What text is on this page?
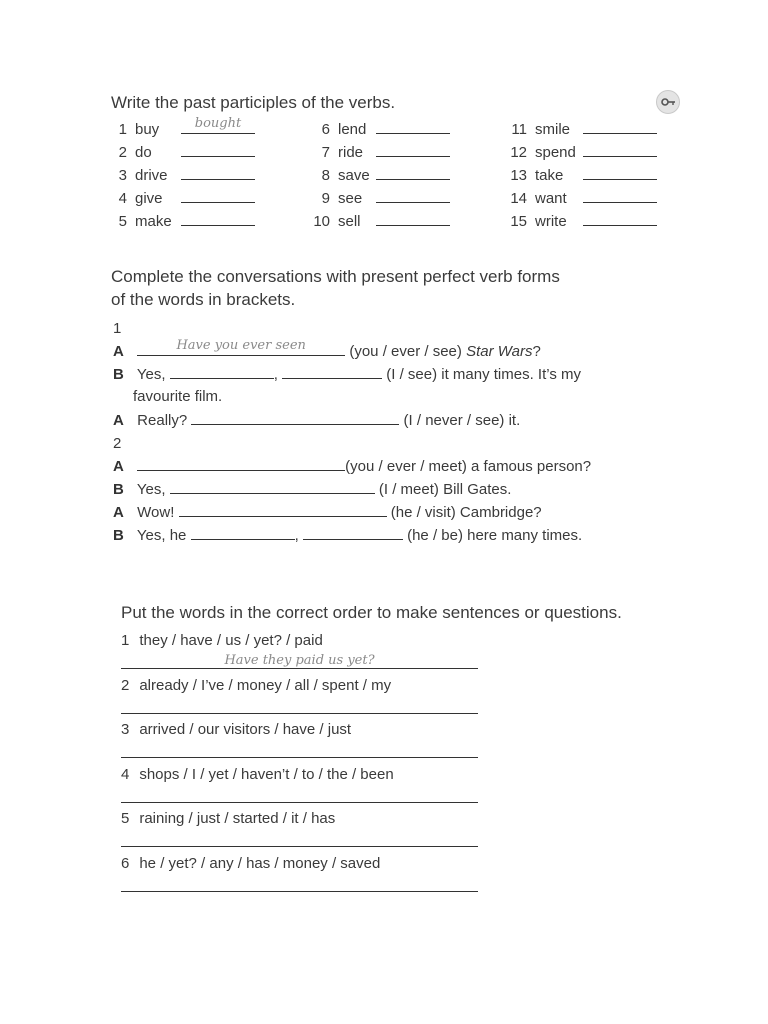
Write the past participles of the verbs.
1 buy	bought
2 do
3 drive
4 give
5 make
6 lend
7 ride
8 save
9 see
10 sell
11 smile
12 spend
13 take
14 want
15 write
Complete the conversations with present perfect verb forms
of the words in brackets.
1
A	Have you ever seen	(you / ever / see) Star Wars?
B Yes,	,	(I / see) it many times. It’s my
favourite film.
A Really?	(I / never / see) it.
2
A	(you / ever / meet) a famous person?
B Yes,	(I / meet) Bill Gates.
A Wow!	(he / visit) Cambridge?
B Yes, he	,	(he / be) here many times.
Put the words in the correct order to make sentences or questions.
1 they / have / us / yet? / paid
Have they paid us yet?
2 already / I’ve / money / all / spent / my
3 arrived / our visitors / have / just
4 shops / I / yet / haven’t / to / the / been
5 raining / just / started / it / has
6 he / yet? / any / has / money / saved
